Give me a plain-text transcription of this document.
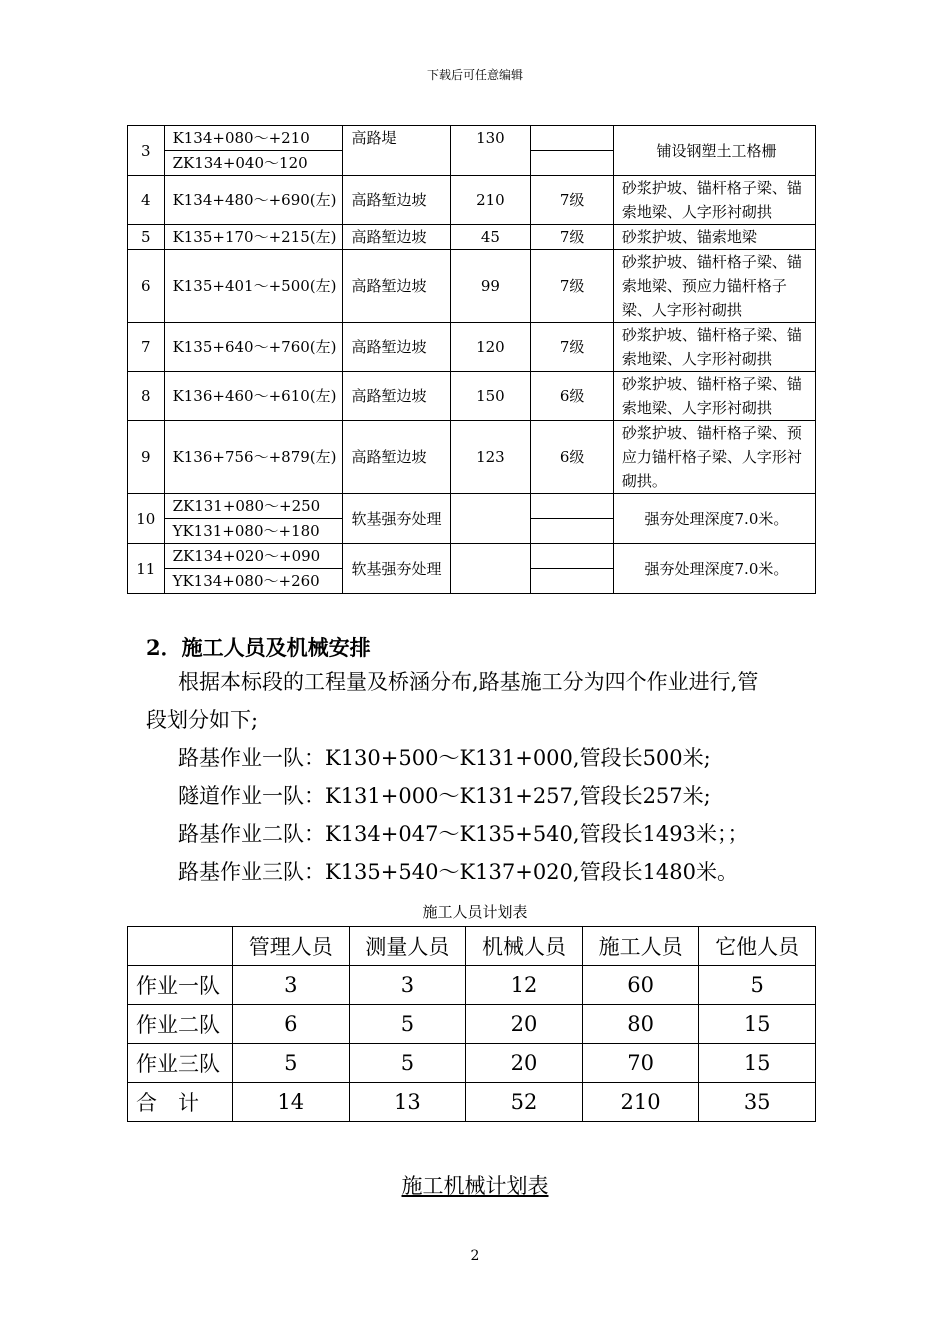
下载后可任意编辑
3	K134+080～+210	高路堤	130		铺设钢塑土工格栅
	ZK134+040～120				
4	K134+480～+690(左)	高路堑边坡	210	7级	砂浆护坡、锚杆格子梁、锚索地梁、人字形衬砌拱
5	K135+170～+215(左)	高路堑边坡	45	7级	砂浆护坡、锚索地梁
6	K135+401～+500(左)	高路堑边坡	99	7级	砂浆护坡、锚杆格子梁、锚索地梁、预应力锚杆格子梁、人字形衬砌拱
7	K135+640～+760(左)	高路堑边坡	120	7级	砂浆护坡、锚杆格子梁、锚索地梁、人字形衬砌拱
8	K136+460～+610(左)	高路堑边坡	150	6级	砂浆护坡、锚杆格子梁、锚索地梁、人字形衬砌拱
9	K136+756～+879(左)	高路堑边坡	123	6级	砂浆护坡、锚杆格子梁、预应力锚杆格子梁、人字形衬砌拱。
10	ZK131+080～+250	软基强夯处理			强夯处理深度7.0米。
	YK131+080～+180				
11	ZK134+020～+090	软基强夯处理			强夯处理深度7.0米。
	YK134+080～+260				
2．施工人员及机械安排
根据本标段的工程量及桥涵分布,路基施工分为四个作业进行,管
段划分如下;
路基作业一队：K130+500～K131+000,管段长500米;
隧道作业一队：K131+000～K131+257,管段长257米;
路基作业二队：K134+047～K135+540,管段长1493米；；
路基作业三队：K135+540～K137+020,管段长1480米。
施工人员计划表
	管理人员	测量人员	机械人员	施工人员	它他人员
作业一队	3	3	12	60	5
作业二队	6	5	20	80	15
作业三队	5	5	20	70	15
合　计	14	13	52	210	35
施工机械计划表
2
